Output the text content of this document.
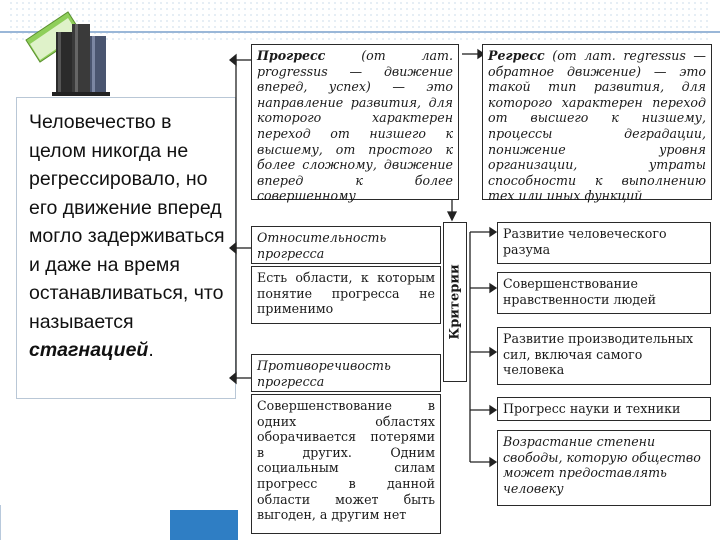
Человечество в целом никогда не регрессировало, но его движение вперед могло задерживаться и даже на время останавливаться, что называется стагнацией.

Прогресс (от лат. progressus — движение вперед, успех) — это направление развития, для которого характерен переход от низшего к высшему, от простого к более сложному, движение вперед к более совершенному
Регресс (от лат. regressus — обратное движение) — это такой тип развития, для которого характерен переход от высшего к низшему, процессы деградации, понижение уровня организации, утраты способности к выполнению тех или иных функций
Относительность прогресса
Есть области, к которым понятие прогресса не применимо
Противоречивость прогресса
Совершенствование в одних областях оборачивается потерями в других. Одним социальным силам прогресс в данной области может быть выгоден, а другим нет
Критерии
Развитие человеческого разума
Совершенствование нравственности людей
Развитие производительных сил, включая самого человека
Прогресс науки и техники
Возрастание степени свободы, которую общество может предоставлять человеку
